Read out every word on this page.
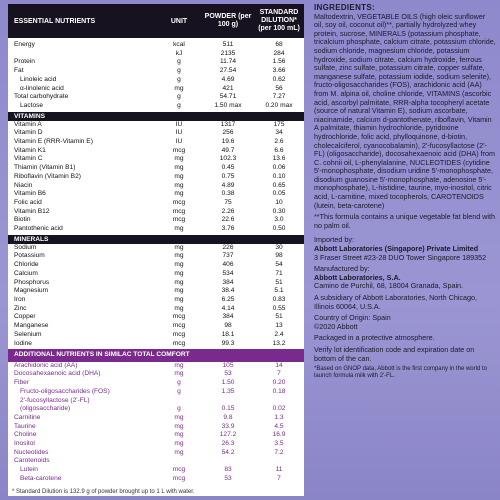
ESSENTIAL NUTRIENTS	UNIT
POWDER (per 100 g)
STANDARD DILUTION* (per 100 mL)
Energy	kcal	511	68
kJ	2135	284
Protein	g	11.74	1.56
Fat	g	27.54	3.66
Linoleic acid	g	4.69	0.62
α-linolenic acid	mg	421	56
Total carbohydrate	g	54.71	7.27
Lactose	g	1.50 max	0.20 max
VITAMINS
Vitamin A	IU	1317	175
Vitamin D	IU	256	34
Vitamin E (RRR-Vitamin E)	IU	19.6	2.6
Vitamin K1	mcg	49.7	6.6
Vitamin C	mg	102.3	13.6
Thiamin (Vitamin B1)	mg	0.45	0.06
Riboflavin (Vitamin B2)	mg	0.75	0.10
Niacin	mg	4.89	0.65
Vitamin B6	mg	0.38	0.05
Folic acid	mcg	75	10
Vitamin B12	mcg	2.26	0.30
Biotin	mcg	22.6	3.0
Pantothenic acid	mg	3.76	0.50
MINERALS
Sodium	mg	226	30
Potassium	mg	737	98
Chloride	mg	406	54
Calcium	mg	534	71
Phosphorus	mg	384	51
Magnesium	mg	38.4	5.1
Iron	mg	6.25	0.83
Zinc	mg	4.14	0.55
Copper	mcg	384	51
Manganese	mcg	98	13
Selenium	mcg	18.1	2.4
Iodine	mcg	99.3	13.2
ADDITIONAL NUTRIENTS IN SIMILAC TOTAL COMFORT
Arachidonic acid (AA)	mg	105	14
Docosahexaenoic acid (DHA)	mg	53	7
Fiber	g	1.50	0.20
Fructo-oligosaccharides (FOS)	g	1.35	0.18
2'-fucosyllactose (2'-FL)
(oligosaccharide)	g	0.15	0.02
Carnitine	mg	9.8	1.3
Taurine	mg	33.9	4.5
Choline	mg	127.2	16.9
Inositol	mg	26.3	3.5
Nucleotides	mg	54.2	7.2
Carotenoids
Lutein	mcg	83	11
Beta-carotene	mcg	53	7
* Standard Dilution is 132.9 g of powder brought up to 1 L with water.
INGREDIENTS:

Maltodextrin, VEGETABLE OILS (high oleic sunflower oil, soy oil, coconut oil)**, partially hydrolyzed whey protein, sucrose, MINERALS (potassium phosphate, tricalcium phosphate, calcium citrate, potassium chloride, sodium chloride, magnesium chloride, potassium hydroxide, sodium citrate, calcium hydroxide, ferrous sulfate, zinc sulfate, potassium citrate, copper sulfate, manganese sulfate, potassium iodide, sodium selenite), fructo-oligosaccharides (FOS), arachidonic acid (AA) from M. alpina oil, choline chloride, VITAMINS (ascorbic acid, ascorbyl palmitate, RRR-alpha tocopheryl acetate (source of natural Vitamin E), sodium ascorbate, niacinamide, calcium d-pantothenate, riboflavin, Vitamin A palmitate, thiamin hydrochloride, pyridoxine hydrochloride, folic acid, phylloquinone, d-biotin, cholecalciferol, cyanocobalamin), 2'-fucosyllactose (2'-FL) (oligosaccharide), docosahexaenoic acid (DHA) from C. cohnii oil, L-phenylalanine, NUCLEOTIDES (cytidine 5'-monophosphate, disodium uridine 5'-monophosphate, disodium guanosine 5'-monophosphate, adenosine 5'-monophosphate), L-histidine, taurine, myo-inositol, citric acid, L-carnitine, mixed tocopherols, CAROTENOIDS (lutein, beta-carotene)

**This formula contains a unique vegetable fat blend with no palm oil.

Imported by:
Abbott Laboratories (Singapore) Private Limited
3 Fraser Street #23-28 DUO Tower Singapore 189352

Manufactured by:
Abbott Laboratories, S.A.
Camino de Purchil, 68, 18004 Granada, Spain.

A subsidiary of Abbott Laboratories, North Chicago, Illinois 60064, U.S.A.

Country of Origin: Spain

©2020 Abbott

Packaged in a protective atmosphere.

Verify lot identification code and expiration date on bottom of the can.

*Based on GNOP data, Abbott is the first company in the world to launch formula milk with 2'-FL.
